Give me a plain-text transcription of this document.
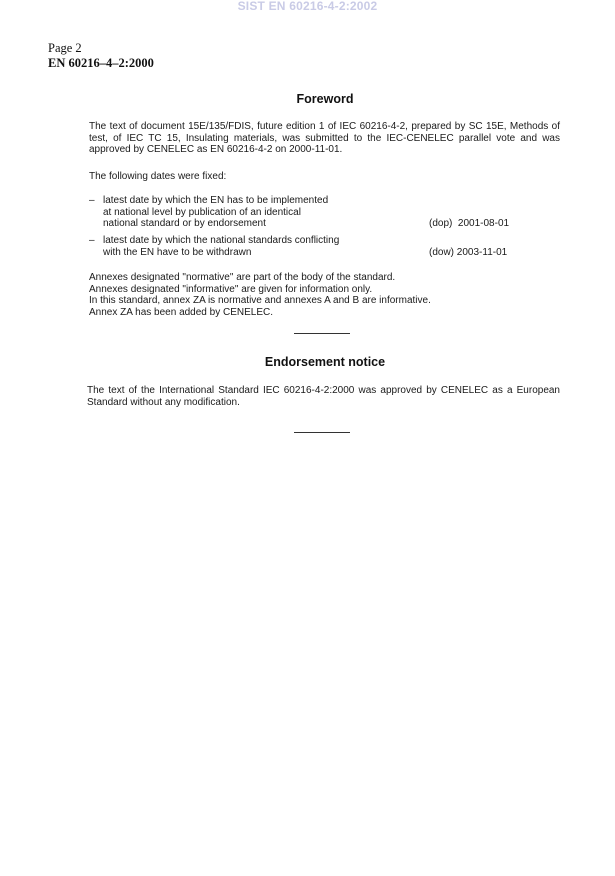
SIST EN 60216-4-2:2002
Page 2
EN 60216–4–2:2000
Foreword
The text of document 15E/135/FDIS, future edition 1 of IEC 60216-4-2, prepared by SC 15E, Methods of test, of IEC TC 15, Insulating materials, was submitted to the IEC-CENELEC parallel vote and was approved by CENELEC as EN 60216-4-2 on 2000-11-01.
The following dates were fixed:
– latest date by which the EN has to be implemented
at national level by publication of an identical
national standard or by endorsement	(dop) 2001-08-01
– latest date by which the national standards conflicting
with the EN have to be withdrawn	(dow) 2003-11-01
Annexes designated "normative" are part of the body of the standard.
Annexes designated "informative" are given for information only.
In this standard, annex ZA is normative and annexes A and B are informative.
Annex ZA has been added by CENELEC.
Endorsement notice
The text of the International Standard IEC 60216-4-2:2000 was approved by CENELEC as a European Standard without any modification.
